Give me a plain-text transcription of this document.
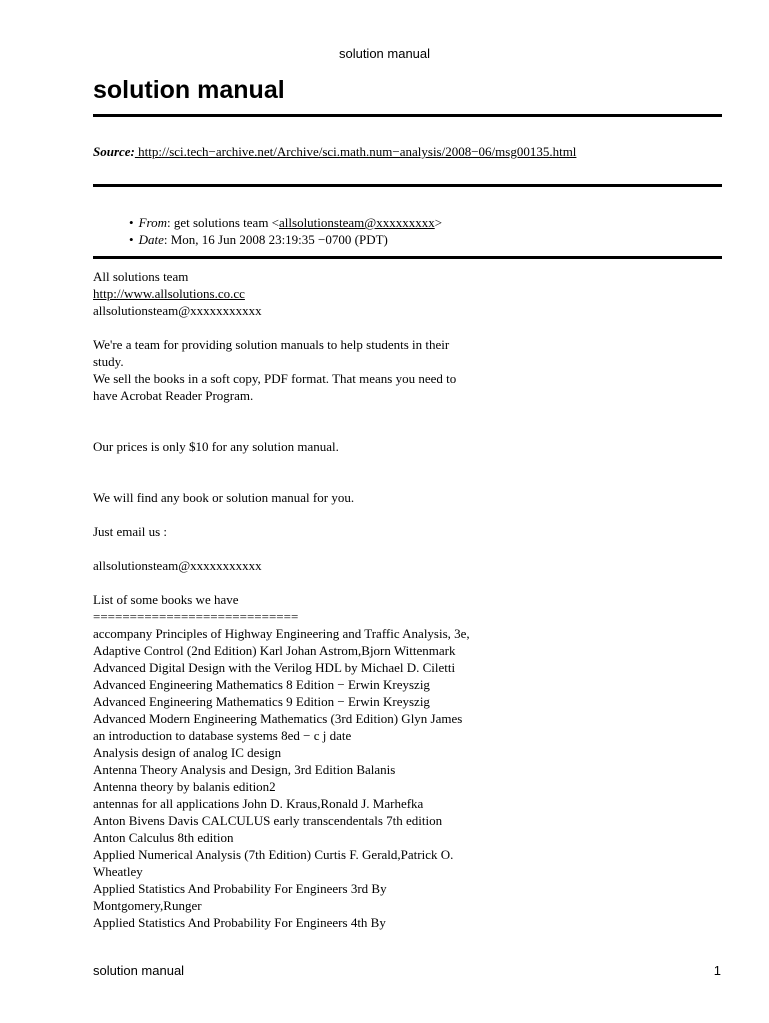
solution manual
solution manual
Source: http://sci.tech−archive.net/Archive/sci.math.num−analysis/2008−06/msg00135.html
• From: get solutions team <allsolutionsteam@xxxxxxxxx>
• Date: Mon, 16 Jun 2008 23:19:35 −0700 (PDT)

All solutions team

http://www.allsolutions.co.cc

allsolutionsteam@xxxxxxxxxxx

We're a team for providing solution manuals to help students in their

study.

We sell the books in a soft copy, PDF format. That means you need to

have Acrobat Reader Program.

Our prices is only $10 for any solution manual.

We will find any book or solution manual for you.

Just email us :

allsolutionsteam@xxxxxxxxxxx

List of some books we have

============================

accompany Principles of Highway Engineering and Traffic Analysis, 3e,

Adaptive Control (2nd Edition) Karl Johan Astrom,Bjorn Wittenmark

Advanced Digital Design with the Verilog HDL by Michael D. Ciletti

Advanced Engineering Mathematics 8 Edition − Erwin Kreyszig

Advanced Engineering Mathematics 9 Edition − Erwin Kreyszig

Advanced Modern Engineering Mathematics (3rd Edition) Glyn James

an introduction to database systems 8ed − c j date

Analysis design of analog IC design

Antenna Theory Analysis and Design, 3rd Edition Balanis

Antenna theory by balanis edition2

antennas for all applications John D. Kraus,Ronald J. Marhefka

Anton Bivens Davis CALCULUS early transcendentals 7th edition

Anton Calculus 8th edition

Applied Numerical Analysis (7th Edition) Curtis F. Gerald,Patrick O.

Wheatley

Applied Statistics And Probability For Engineers 3rd By

Montgomery,Runger

Applied Statistics And Probability For Engineers 4th By

solution manual	1
